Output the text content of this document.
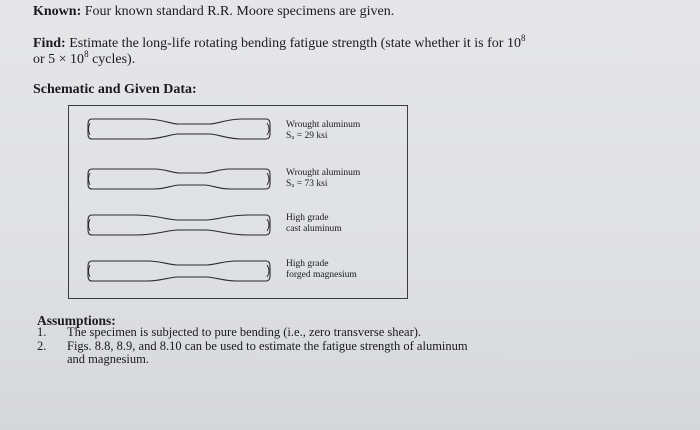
Known: Four known standard R.R. Moore specimens are given.
Find: Estimate the long-life rotating bending fatigue strength (state whether it is for $10^8$
or $5 \times 10^8$ cycles).
Schematic and Given Data:
Wrought aluminum
Sᵤ = 29 ksi
Wrought aluminum
Sᵤ = 73 ksi
High grade
cast aluminum
High grade
forged magnesium
Assumptions:
1. The specimen is subjected to pure bending (i.e., zero transverse shear).
2. Figs. 8.8, 8.9, and 8.10 can be used to estimate the fatigue strength of aluminum
and magnesium.
